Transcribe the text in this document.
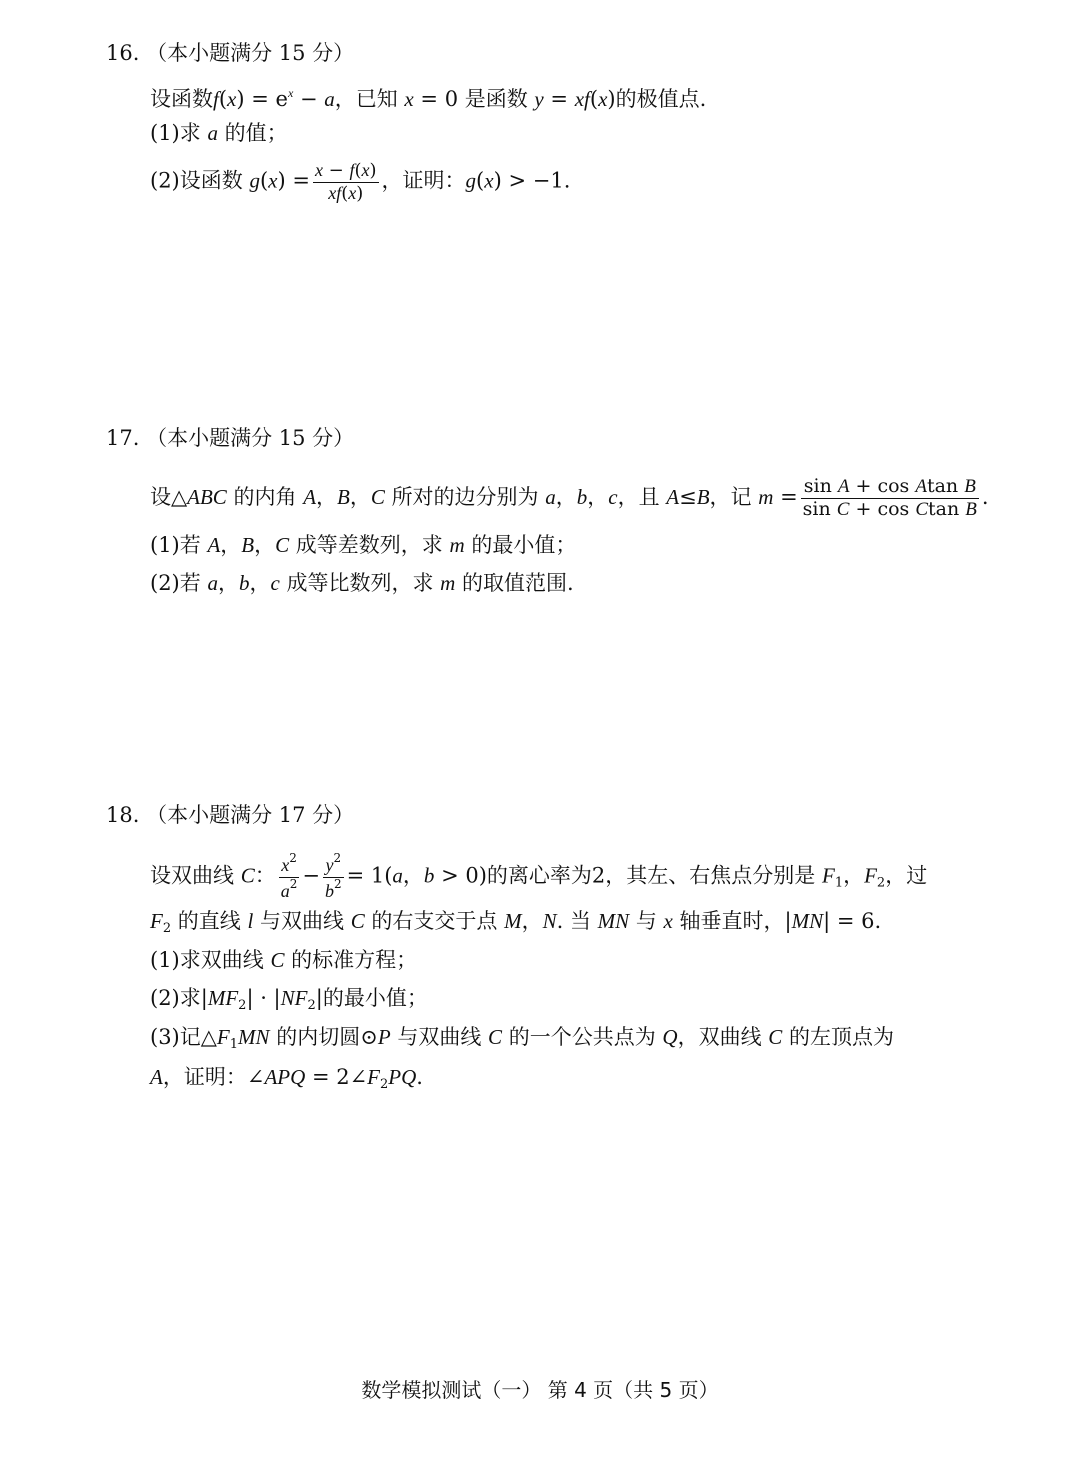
16. （本小题满分 15 分）
设函数$f(x) = e^x - a$，已知 x = 0 是函数 y = xf(x)的极值点.
(1)求 a 的值；
(2)设函数 $g(x) = \frac{x - f(x)}{xf(x)}$ ，证明：g(x) > −1.
17. （本小题满分 15 分）
设△ABC 的内角 A，B，C 所对的边分别为 a，b，c，且 A≤B，记 $m = \frac{\text{sin A + cos Atan B}}{\text{sin C + cos Ctan B}}$ .
(1)若 A，B，C 成等差数列，求 m 的最小值；
(2)若 a，b，c 成等比数列，求 m 的取值范围.
18. （本小题满分 17 分）
设双曲线 C： $\frac{x^2}{a^2} - \frac{y^2}{b^2} = 1(a$，b > 0)的离心率为2，其左、右焦点分别是 $F_1$，$F_2$，过
$F_2$ 的直线 l 与双曲线 C 的右支交于点 M，N. 当 MN 与 x 轴垂直时，|MN| = 6.
(1)求双曲线 C 的标准方程；
(2)求$|MF_2| \cdot |NF_2|$的最小值；
(3)记$\triangle F_1MN$ 的内切圆⊙P 与双曲线 C 的一个公共点为 Q，双曲线 C 的左顶点为
A，证明：∠APQ = $2\angle F_2PQ$.
数学模拟测试（一） 第 4 页（共 5 页）
